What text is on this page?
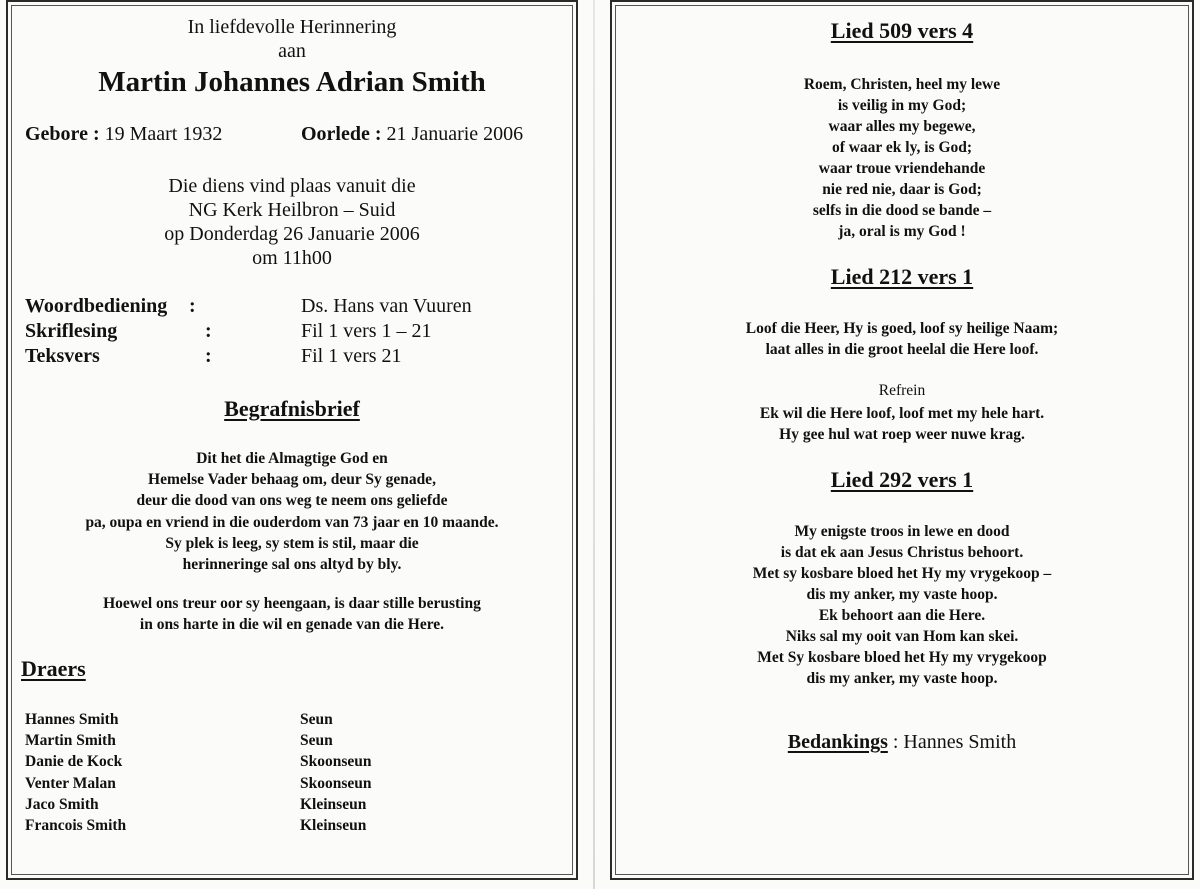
In liefdevolle Herinnering
aan
Martin Johannes Adrian Smith
Gebore : 19 Maart 1932	Oorlede : 21 Januarie 2006
Die diens vind plaas vanuit die
NG Kerk Heilbron – Suid
op Donderdag 26 Januarie 2006
om 11h00
Woordbediening :	Ds. Hans van Vuuren
Skriflesing	:	Fil 1 vers 1 – 21
Teksvers	:	Fil 1 vers 21
Begrafnisbrief
Dit het die Almagtige God en
Hemelse Vader behaag om, deur Sy genade,
deur die dood van ons weg te neem ons geliefde
pa, oupa en vriend in die ouderdom van 73 jaar en 10 maande.
Sy plek is leeg, sy stem is stil, maar die
herinneringe sal ons altyd by bly.
Hoewel ons treur oor sy heengaan, is daar stille berusting
in ons harte in die wil en genade van die Here.
Draers
Hannes Smith	Seun
Martin Smith	Seun
Danie de Kock	Skoonseun
Venter Malan	Skoonseun
Jaco Smith	Kleinseun
Francois Smith	Kleinseun
Lied 509 vers 4
Roem, Christen, heel my lewe
is veilig in my God;
waar alles my begewe,
of waar ek ly, is God;
waar troue vriendehande
nie red nie, daar is God;
selfs in die dood se bande –
ja, oral is my God !
Lied 212 vers 1
Loof die Heer, Hy is goed, loof sy heilige Naam;
laat alles in die groot heelal die Here loof.
Refrein
Ek wil die Here loof, loof met my hele hart.
Hy gee hul wat roep weer nuwe krag.
Lied 292 vers 1
My enigste troos in lewe en dood
is dat ek aan Jesus Christus behoort.
Met sy kosbare bloed het Hy my vrygekoop –
dis my anker, my vaste hoop.
Ek behoort aan die Here.
Niks sal my ooit van Hom kan skei.
Met Sy kosbare bloed het Hy my vrygekoop
dis my anker, my vaste hoop.
Bedankings : Hannes Smith
